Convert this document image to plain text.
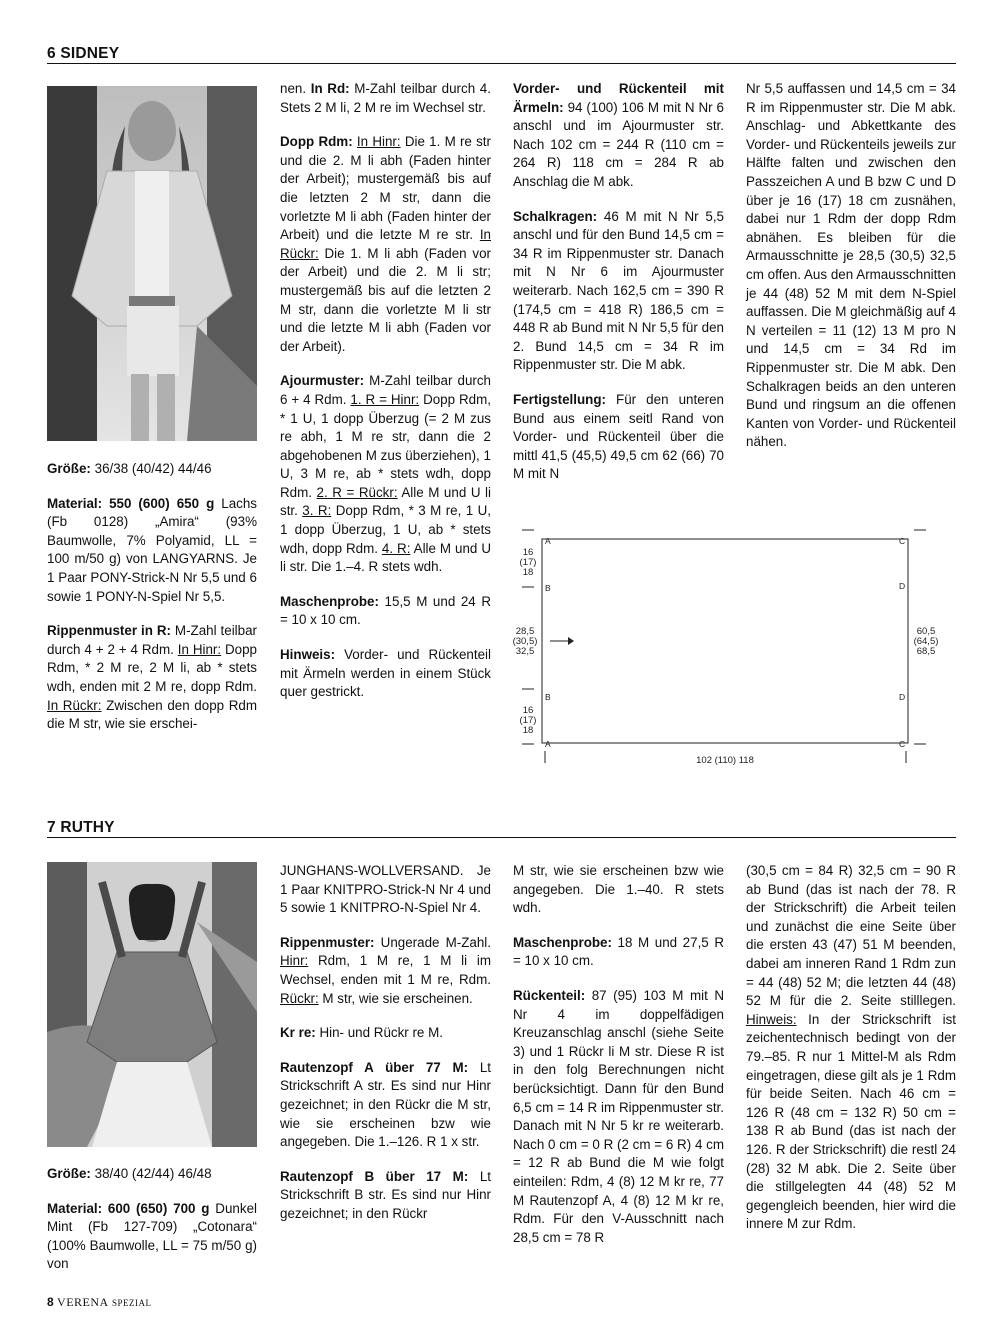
6 SIDNEY

Größe: 36/38 (40/42) 44/46

Material: 550 (600) 650 g Lachs (Fb 0128) „Amira“ (93% Baumwolle, 7% Polyamid, LL = 100 m/50 g) von LANGYARNS. Je 1 Paar PONY-Strick-N Nr 5,5 und 6 sowie 1 PONY-N-Spiel Nr 5,5.

Rippenmuster in R: M-Zahl teilbar durch 4 + 2 + 4 Rdm. In Hinr: Dopp Rdm, * 2 M re, 2 M li, ab * stets wdh, enden mit 2 M re, dopp Rdm. In Rückr: Zwischen den dopp Rdm die M str, wie sie erschei-

nen. In Rd: M-Zahl teilbar durch 4. Stets 2 M li, 2 M re im Wechsel str.

Dopp Rdm: In Hinr: Die 1. M re str und die 2. M li abh (Faden hinter der Arbeit); mustergemäß bis auf die letzten 2 M str, dann die vorletzte M li abh (Faden hinter der Arbeit) und die letzte M re str. In Rückr: Die 1. M li abh (Faden vor der Arbeit) und die 2. M li str; mustergemäß bis auf die letzten 2 M str, dann die vorletzte M li str und die letzte M li abh (Faden vor der Arbeit).

Ajourmuster: M-Zahl teilbar durch 6 + 4 Rdm. 1. R = Hinr: Dopp Rdm, * 1 U, 1 dopp Überzug (= 2 M zus re abh, 1 M re str, dann die 2 abgehobenen M zus überziehen), 1 U, 3 M re, ab * stets wdh, dopp Rdm. 2. R = Rückr: Alle M und U li str. 3. R: Dopp Rdm, * 3 M re, 1 U, 1 dopp Überzug, 1 U, ab * stets wdh, dopp Rdm. 4. R: Alle M und U li str. Die 1.–4. R stets wdh.

Maschenprobe: 15,5 M und 24 R = 10 x 10 cm.

Hinweis: Vorder- und Rückenteil mit Ärmeln werden in einem Stück quer gestrickt.

Vorder- und Rückenteil mit Ärmeln: 94 (100) 106 M mit N Nr 6 anschl und im Ajourmuster str. Nach 102 cm = 244 R (110 cm = 264 R) 118 cm = 284 R ab Anschlag die M abk.

Schalkragen: 46 M mit N Nr 5,5 anschl und für den Bund 14,5 cm = 34 R im Rippenmuster str. Danach mit N Nr 6 im Ajourmuster weiterarb. Nach 162,5 cm = 390 R (174,5 cm = 418 R) 186,5 cm = 448 R ab Bund mit N Nr 5,5 für den 2. Bund 14,5 cm = 34 R im Rippenmuster str. Die M abk.

Fertigstellung: Für den unteren Bund aus einem seitl Rand von Vorder- und Rückenteil über die mittl 41,5 (45,5) 49,5 cm 62 (66) 70 M mit N

Nr 5,5 auffassen und 14,5 cm = 34 R im Rippenmuster str. Die M abk. Anschlag- und Abkettkante des Vorder- und Rückenteils jeweils zur Hälfte falten und zwischen den Passzeichen A und B bzw C und D über je 16 (17) 18 cm zusnähen, dabei nur 1 Rdm der dopp Rdm abnähen. Es bleiben für die Armausschnitte je 28,5 (30,5) 32,5 cm offen. Aus den Armausschnitten je 44 (48) 52 M mit dem N-Spiel auffassen. Die M gleichmäßig auf 4 N verteilen = 11 (12) 13 M pro N und 14,5 cm = 34 Rd im Rippenmuster str. Die M abk. Den Schalkragen beids an den unteren Bund und ringsum an die offenen Kanten von Vorder- und Rückenteil nähen.

A
B
B
A
C
D
D
C
16
(17)
18
28,5
(30,5)
32,5
16
(17)
18
60,5
(64,5)
68,5
102 (110) 118
7 RUTHY

Größe: 38/40 (42/44) 46/48

Material: 600 (650) 700 g Dunkel Mint (Fb 127-709) „Cotonara“ (100% Baumwolle, LL = 75 m/50 g) von

JUNGHANS-WOLLVERSAND. Je 1 Paar KNITPRO-Strick-N Nr 4 und 5 sowie 1 KNITPRO-N-Spiel Nr 4.

Rippenmuster: Ungerade M-Zahl. Hinr: Rdm, 1 M re, 1 M li im Wechsel, enden mit 1 M re, Rdm. Rückr: M str, wie sie erscheinen.

Kr re: Hin- und Rückr re M.

Rautenzopf A über 77 M: Lt Strickschrift A str. Es sind nur Hinr gezeichnet; in den Rückr die M str, wie sie erscheinen bzw wie angegeben. Die 1.–126. R 1 x str.

Rautenzopf B über 17 M: Lt Strickschrift B str. Es sind nur Hinr gezeichnet; in den Rückr

M str, wie sie erscheinen bzw wie angegeben. Die 1.–40. R stets wdh.

Maschenprobe: 18 M und 27,5 R = 10 x 10 cm.

Rückenteil: 87 (95) 103 M mit N Nr 4 im doppelfädigen Kreuzanschlag anschl (siehe Seite 3) und 1 Rückr li M str. Diese R ist in den folg Berechnungen nicht berücksichtigt. Dann für den Bund 6,5 cm = 14 R im Rippenmuster str. Danach mit N Nr 5 kr re weiterarb. Nach 0 cm = 0 R (2 cm = 6 R) 4 cm = 12 R ab Bund die M wie folgt einteilen: Rdm, 4 (8) 12 M kr re, 77 M Rautenzopf A, 4 (8) 12 M kr re, Rdm. Für den V-Ausschnitt nach 28,5 cm = 78 R

(30,5 cm = 84 R) 32,5 cm = 90 R ab Bund (das ist nach der 78. R der Strickschrift) die Arbeit teilen und zunächst die eine Seite über die ersten 43 (47) 51 M beenden, dabei am inneren Rand 1 Rdm zun = 44 (48) 52 M; die letzten 44 (48) 52 M für die 2. Seite stilllegen. Hinweis: In der Strickschrift ist zeichentechnisch bedingt von der 79.–85. R nur 1 Mittel-M als Rdm eingetragen, diese gilt als je 1 Rdm für beide Seiten. Nach 46 cm = 126 R (48 cm = 132 R) 50 cm = 138 R ab Bund (das ist nach der 126. R der Strickschrift) die restl 24 (28) 32 M abk. Die 2. Seite über die stillgelegten 44 (48) 52 M gegengleich beenden, hier wird die innere M zur Rdm.

8 VERENA SPEZIAL
